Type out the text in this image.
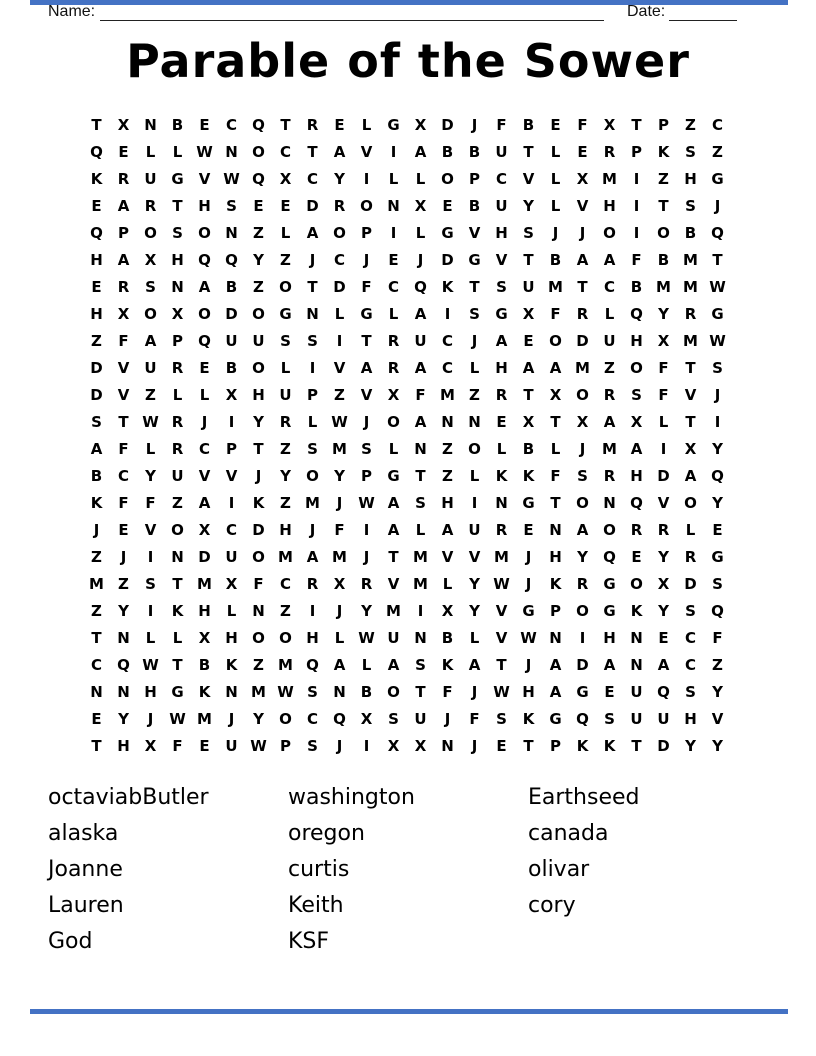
Name:	Date:
Parable of the Sower
T	X N	B	E	C	Q	T	R	E	L	G	X D	J	F	B	E	F	X	T	P	Z	C
Q	E	L	L W N O	C	T	A	V	I	A	B	B	U	T	L	E	R	P	K	S	Z
K	R	U G	V W Q X	C	Y	I	L	L	O	P	C	V	L	X M	I	Z	H G
E	A	R	T	H	S	E	E	D	R O N X	E	B	U	Y	L	V H	I	T	S	J
Q	P	O	S	O N	Z	L	A O	P	I	L	G	V H	S	J	J	O	I	O B Q
H A	X H Q Q	Y	Z	J	C	J	E	J	D G	V	T	B	A	A	F	B M T
E	R	S	N A	B	Z	O	T	D	F	C	Q K	T	S	U M T	C	B M M W
H X O X O D O G N	L	G	L	A	I	S	G	X	F	R	L	Q	Y	R	G
Z	F	A	P	Q U U	S	S	I	T	R	U	C	J	A	E	O D U H X M W
D V	U	R	E	B O	L	I	V	A	R	A	C	L	H A	A M Z	O	F	T	S
D V	Z	L	L	X H U	P	Z	V	X	F M Z	R	T	X O R	S	F	V	J
S	T W R	J	I	Y	R	L W	J	O A N N	E	X	T	X	A	X	L	T	I
A	F	L	R	C	P	T	Z	S M S	L	N	Z	O	L	B	L	J	M A	I	X	Y
B	C	Y	U	V	V	J	Y	O	Y	P	G	T	Z	L	K	K	F	S	R H D A Q
K	F	F	Z	A	I	K	Z M	J	W A	S	H	I	N G	T	O N Q V O	Y
J	E	V O X	C	D H	J	F	I	A	L	A	U	R	E	N A O R	R	L	E
Z	J	I	N D U O M A M	J	T M V	V M	J	H	Y	Q	E	Y	R	G
M Z	S	T M X	F	C	R	X	R	V M L	Y W	J	K	R	G O X D	S
Z	Y	I	K H	L	N	Z	I	J	Y M	I	X	Y	V	G	P	O G	K	Y	S	Q
T	N	L	L	X H O O H	L W U N	B	L	V W N	I	H N	E	C	F
C	Q W T	B	K	Z M Q A	L	A	S	K	A	T	J	A D A N A	C	Z
N N H G	K N M W S	N	B O	T	F	J	W H A	G	E	U Q	S	Y
E	Y	J	W M	J	Y	O	C	Q X	S	U	J	F	S	K	G Q	S	U U H V
T	H X	F	E	U W P	S	J	I	X	X N	J	E	T	P	K	K	T	D	Y	Y
octaviabButler
alaska
Joanne
Lauren
God
washington
oregon
curtis
Keith
KSF
Earthseed
canada
olivar
cory
